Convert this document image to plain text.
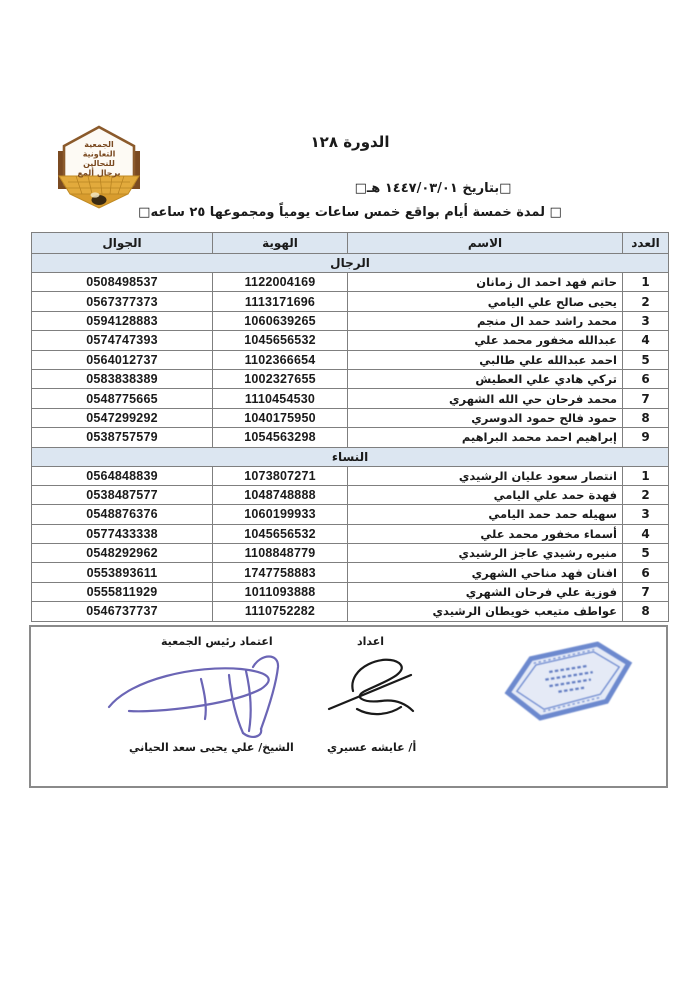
الجمعية
التعاونية
للنحالين
برجال ألمع
الدورة ١٢٨
□بتاريخ ١٤٤٧/٠٣/٠١ هـ□
□ لمدة خمسة أيام بواقع خمس ساعات يومياً ومجموعها ٢٥ ساعه□
العدد	الاسم	الهوية	الجوال
الرجال			
1	حاتم فهد احمد ال زمانان	1122004169	0508498537
2	يحيى صالح علي اليامي	1113171696	0567377373
3	محمد راشد حمد ال منجم	1060639265	0594128883
4	عبدالله مخفور محمد علي	1045656532	0574747393
5	احمد عبدالله علي طالبي	1102366654	0564012737
6	تركي هادي علي العطيش	1002327655	0583838389
7	محمد فرحان حي الله الشهري	1110454530	0548775665
8	حمود فالح حمود الدوسري	1040175950	0547299292
9	إبراهيم احمد محمد البراهيم	1054563298	0538757579
النساء			
1	انتصار سعود عليان الرشيدي	1073807271	0564848839
2	فهدة حمد علي اليامي	1048748888	0538487577
3	سهيله حمد حمد اليامي	1060199933	0548876376
4	أسماء مخفور محمد علي	1045656532	0577433338
5	منيره رشيدي عاجز الرشيدي	1108848779	0548292962
6	افنان فهد مناحي الشهري	1747758883	0553893611
7	فوزية علي فرحان الشهري	1011093888	0555811929
8	عواطف متيعب خويطان الرشيدي	1110752282	0546737737
اعتماد رئيس الجمعية
الشيخ/ علي يحيى سعد الحياني
اعداد
أ/ عايشه عسيري
